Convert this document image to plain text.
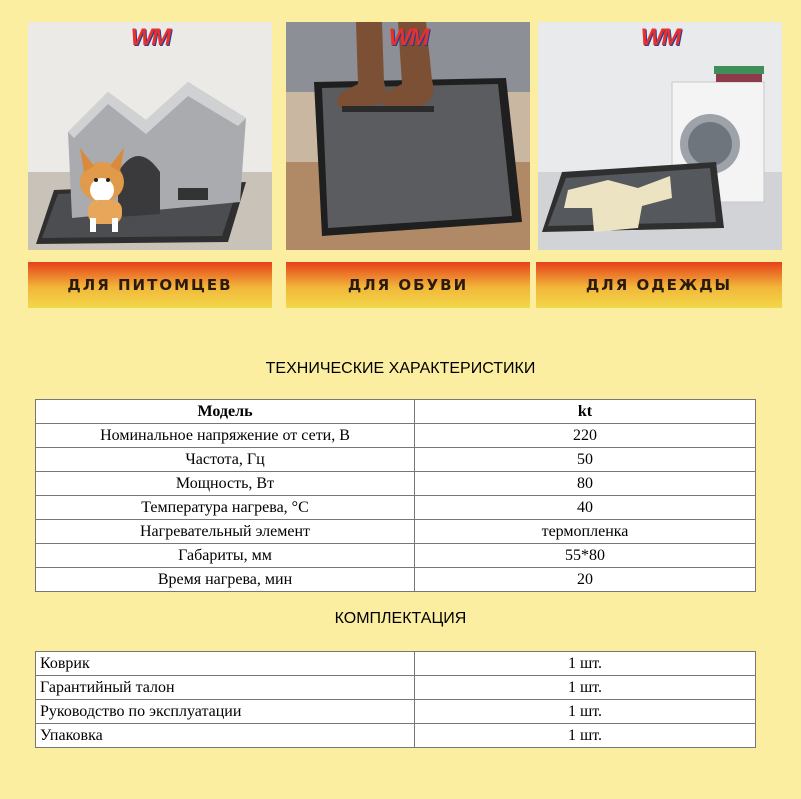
WM
ДЛЯ ПИТОМЦЕВ
WM
ДЛЯ ОБУВИ
WM
ДЛЯ ОДЕЖДЫ
ТЕХНИЧЕСКИЕ ХАРАКТЕРИСТИКИ
Модель	kt
Номинальное напряжение от сети, В	220
Частота, Гц	50
Мощность, Вт	80
Температура нагрева, °С	40
Нагревательный элемент	термопленка
Габариты, мм	55*80
Время нагрева, мин	20
КОМПЛЕКТАЦИЯ
Коврик	1 шт.
Гарантийный талон	1 шт.
Руководство по эксплуатации	1 шт.
Упаковка	1 шт.
